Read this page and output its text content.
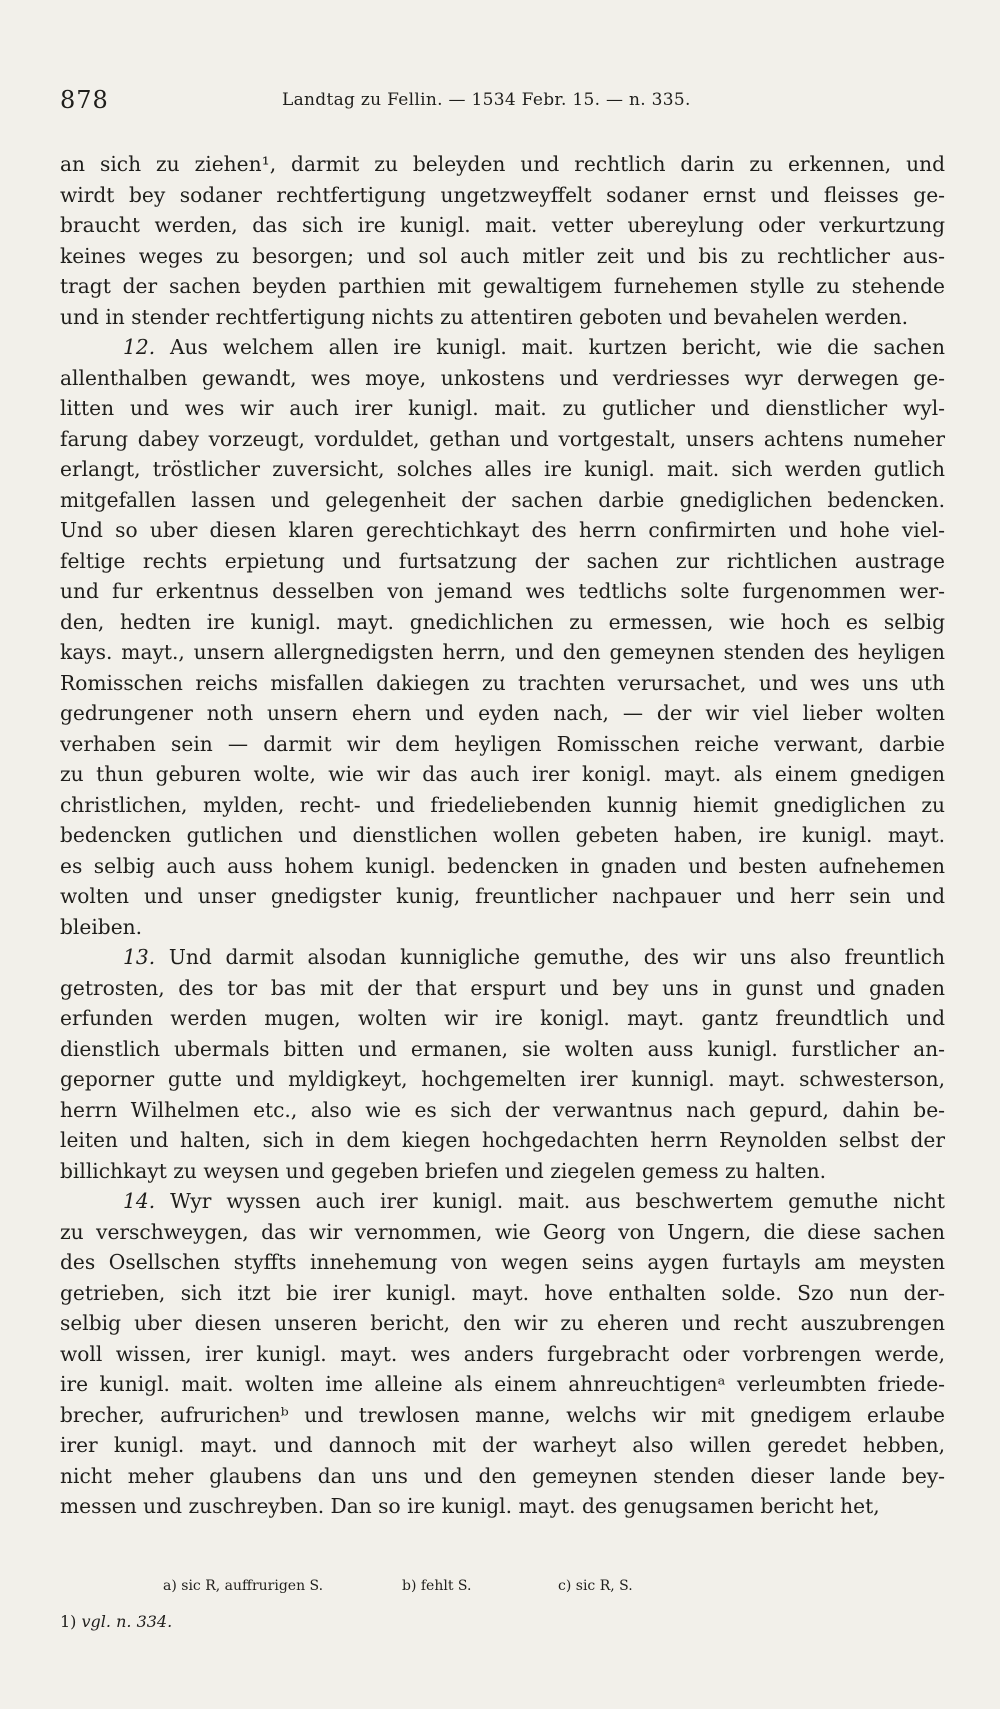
878	Landtag zu Fellin. — 1534 Febr. 15. — n. 335.
an sich zu ziehen¹, darmit zu beleyden und rechtlich darin zu erkennen, und
wirdt bey sodaner rechtfertigung ungetzweyffelt sodaner ernst und fleisses ge-
braucht werden, das sich ire kunigl. mait. vetter ubereylung oder verkurtzung
keines weges zu besorgen; und sol auch mitler zeit und bis zu rechtlicher aus-
tragt der sachen beyden parthien mit gewaltigem furnehemen stylle zu stehende
und in stender rechtfertigung nichts zu attentiren geboten und bevahelen werden.
12. Aus welchem allen ire kunigl. mait. kurtzen bericht, wie die sachen
allenthalben gewandt, wes moye, unkostens und verdriesses wyr derwegen ge-
litten und wes wir auch irer kunigl. mait. zu gutlicher und dienstlicher wyl-
farung dabey vorzeugt, vorduldet, gethan und vortgestalt, unsers achtens numeher
erlangt, tröstlicher zuversicht, solches alles ire kunigl. mait. sich werden gutlich
mitgefallen lassen und gelegenheit der sachen darbie gnediglichen bedencken.
Und so uber diesen klaren gerechtichkayt des herrn confirmirten und hohe viel-
feltige rechts erpietung und furtsatzung der sachen zur richtlichen austrage
und fur erkentnus desselben von jemand wes tedtlichs solte furgenommen wer-
den, hedten ire kunigl. mayt. gnedichlichen zu ermessen, wie hoch es selbig
kays. mayt., unsern allergnedigsten herrn, und den gemeynen stenden des heyligen
Romisschen reichs misfallen dakiegen zu trachten verursachet, und wes uns uth
gedrungener noth unsern ehern und eyden nach, — der wir viel lieber wolten
verhaben sein — darmit wir dem heyligen Romisschen reiche verwant, darbie
zu thun geburen wolte, wie wir das auch irer konigl. mayt. als einem gnedigen
christlichen, mylden, recht- und friedeliebenden kunnig hiemit gnediglichen zu
bedencken gutlichen und dienstlichen wollen gebeten haben, ire kunigl. mayt.
es selbig auch auss hohem kunigl. bedencken in gnaden und besten aufnehemen
wolten und unser gnedigster kunig, freuntlicher nachpauer und herr sein und
bleiben.
13. Und darmit alsodan kunnigliche gemuthe, des wir uns also freuntlich
getrosten, des tor bas mit der that erspurt und bey uns in gunst und gnaden
erfunden werden mugen, wolten wir ire konigl. mayt. gantz freundtlich und
dienstlich ubermals bitten und ermanen, sie wolten auss kunigl. furstlicher an-
geporner gutte und myldigkeyt, hochgemelten irer kunnigl. mayt. schwesterson,
herrn Wilhelmen etc., also wie es sich der verwantnus nach gepurd, dahin be-
leiten und halten, sich in dem kiegen hochgedachten herrn Reynolden selbst der
billichkayt zu weysen und gegeben briefen und ziegelen gemess zu halten.
14. Wyr wyssen auch irer kunigl. mait. aus beschwertem gemuthe nicht
zu verschweygen, das wir vernommen, wie Georg von Ungern, die diese sachen
des Osellschen styffts innehemung von wegen seins aygen furtayls am meysten
getrieben, sich itzt bie irer kunigl. mayt. hove enthalten solde. Szo nun der-
selbig uber diesen unseren bericht, den wir zu eheren und recht auszubrengen
woll wissen, irer kunigl. mayt. wes anders furgebracht oder vorbrengen werde,
ire kunigl. mait. wolten ime alleine als einem ahnreuchtigenᵃ verleumbten friede-
brecher, aufrurichenᵇ und trewlosen manne, welchs wir mit gnedigem erlaube
irer kunigl. mayt. und dannoch mit der warheyt also willen geredet hebben,
nicht meher glaubens dan uns und den gemeynen stenden dieser lande bey-
messen und zuschreyben. Dan so ire kunigl. mayt. des genugsamen bericht het,
a) sic R, auffrurigen S.	b) fehlt S.	c) sic R, S.
1) vgl. n. 334.
